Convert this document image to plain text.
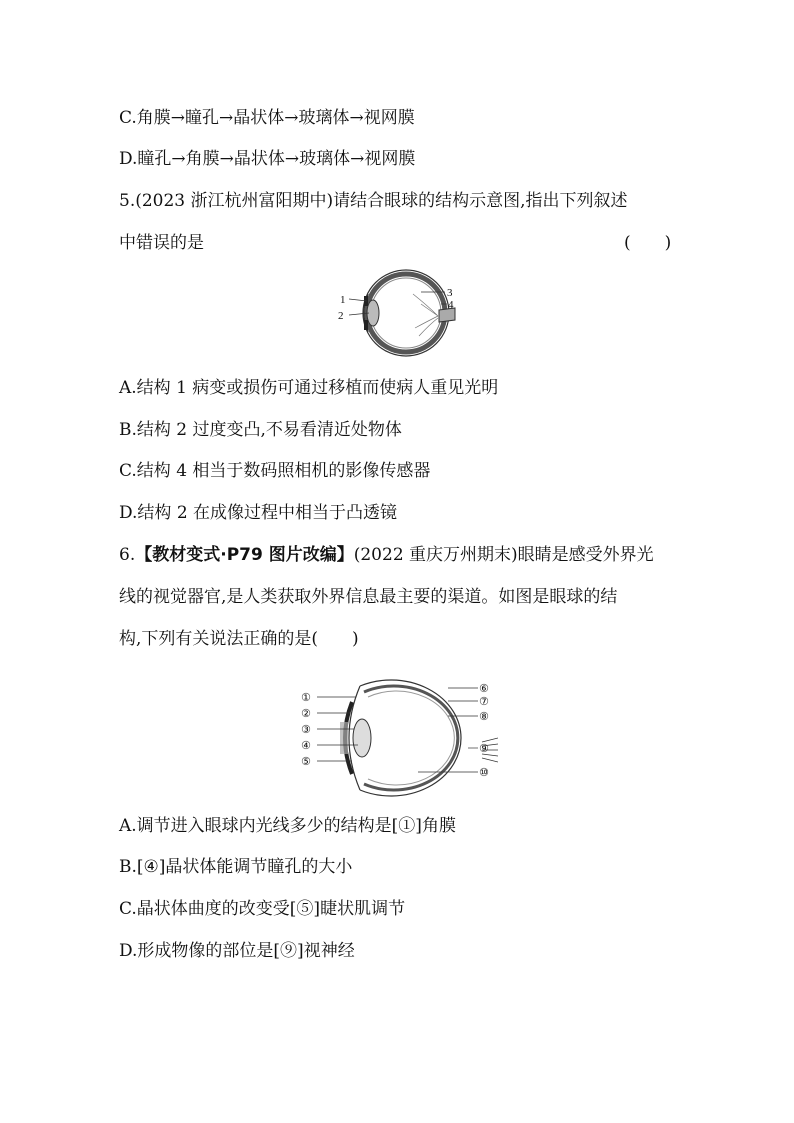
C.角膜→瞳孔→晶状体→玻璃体→视网膜
D.瞳孔→角膜→晶状体→玻璃体→视网膜
5.(2023 浙江杭州富阳期中)请结合眼球的结构示意图,指出下列叙述
中错误的是	(　　)
1
2
3
4
A.结构 1 病变或损伤可通过移植而使病人重见光明
B.结构 2 过度变凸,不易看清近处物体
C.结构 4 相当于数码照相机的影像传感器
D.结构 2 在成像过程中相当于凸透镜
6.【教材变式·P79 图片改编】(2022 重庆万州期末)眼睛是感受外界光
线的视觉器官,是人类获取外界信息最主要的渠道。如图是眼球的结
构,下列有关说法正确的是(　　)
①
②
③
④
⑤
⑥
⑦
⑧
⑨
⑩
A.调节进入眼球内光线多少的结构是[①]角膜
B.[④]晶状体能调节瞳孔的大小
C.晶状体曲度的改变受[⑤]睫状肌调节
D.形成物像的部位是[⑨]视神经
